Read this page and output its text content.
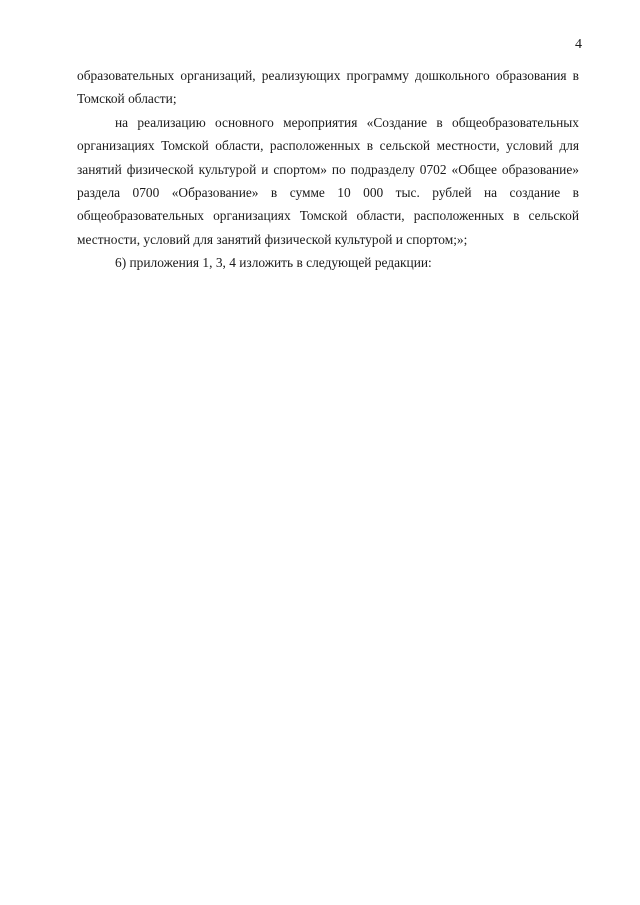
4

образовательных организаций, реализующих программу дошкольного образования в Томской области;

на реализацию основного мероприятия «Создание в общеобразовательных организациях Томской области, расположенных в сельской местности, условий для занятий физической культурой и спортом» по подразделу 0702 «Общее образование» раздела 0700 «Образование» в сумме 10 000 тыс. рублей на создание в общеобразовательных организациях Томской области, расположенных в сельской местности, условий для занятий физической культурой и спортом;»;

6) приложения 1, 3, 4 изложить в следующей редакции:
